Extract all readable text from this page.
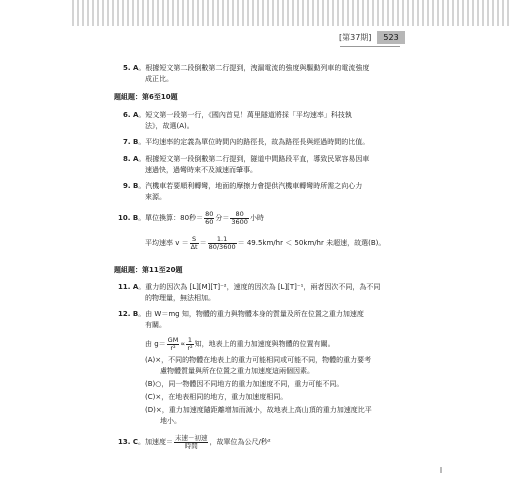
[第37期]	523
5. A。根據短文第二段倒數第二行提到，洩漏電流的強度與驅動列車的電流強度
成正比。
題組題：第6至10題
6. A。短文第一段第一行，《國內首見！萬里隧道將採「平均速率」科技執
法》，故選(A)。
7. B。平均速率的定義為單位時間內的路徑長，故為路徑長與經過時間的比值。
8. A。根據短文第一段倒數第二行提到，隧道中間路段平直，導致民眾容易因車
速過快，過彎時來不及減速而肇事。
9. B。汽機車若要順利轉彎，地面的摩擦力會提供汽機車轉彎時所需之向心力
來源。
10. B。單位換算：80秒＝ $\frac{80}{60}$ 分＝ $\frac{80}{3600}$ 小時
平均速率 $v = \frac{S}{\Delta t} = \frac{1.1}{80/3600} = 49.5km/hr < 50km/hr$ 未超速，故選(B)。
題組題：第11至20題
11. A。重力的因次為 [L][M][T]⁻²，速度的因次為 [L][T]⁻¹，兩者因次不同，為不同
的物理量，無法相加。
12. B。由 W＝mg 知，物體的重力與物體本身的質量及所在位置之重力加速度
有關。
由 $g= \frac{GM}{\text{r²}} \propto \frac{1}{\text{r²}}$ 知，地表上的重力加速度與物體的位置有關。
(A)×，不同的物體在地表上的重力可能相同或可能不同，物體的重力要考
慮物體質量與所在位置之重力加速度這兩個因素。
(B)○，同一物體因不同地方的重力加速度不同，重力可能不同。
(C)×，在地表相同的地方，重力加速度相同。
(D)×，重力加速度隨距離增加而減小，故地表上高山頂的重力加速度比平
地小。
13. C。加速度＝ $\frac{\text{末速－初速}}{\text{時間}}$ ，故單位為公尺/秒²
